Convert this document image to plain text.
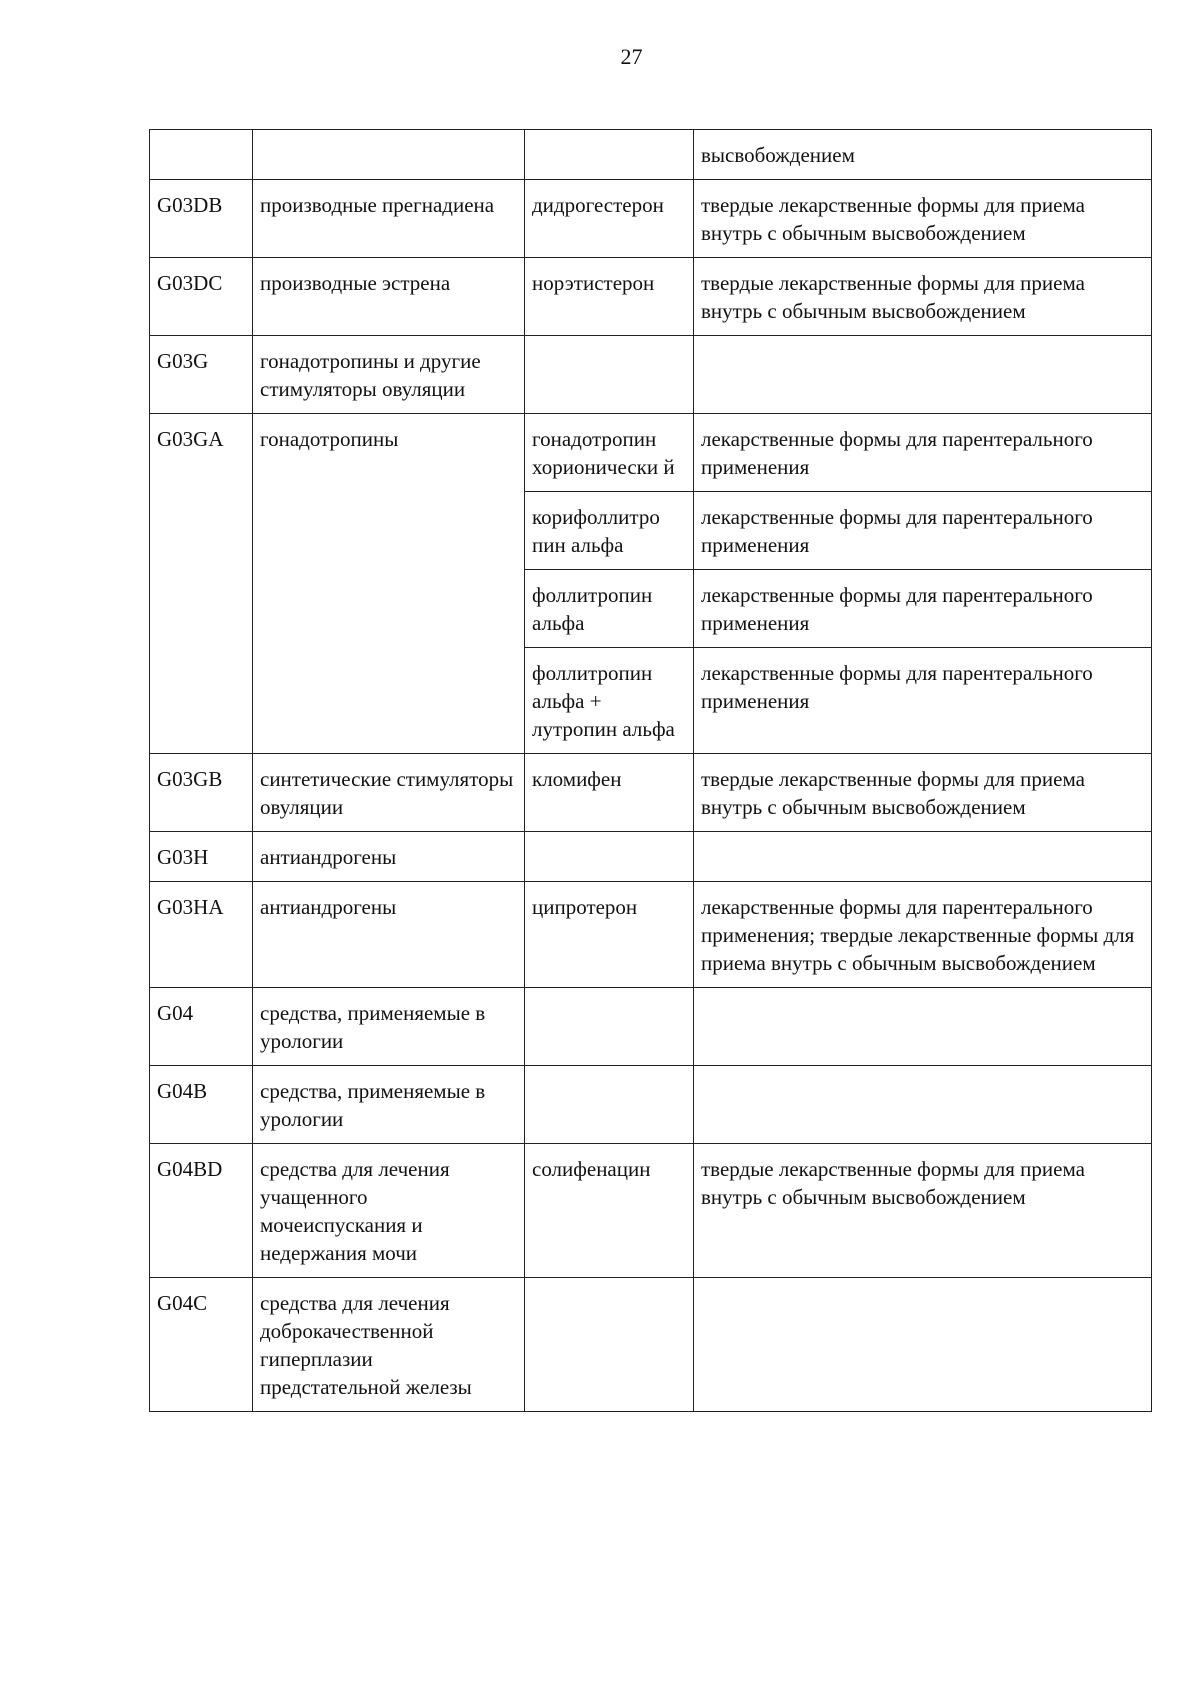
27
			высвобождением
G03DB	производные прегнадиена	дидрогестерон	твердые лекарственные формы для приема внутрь с обычным высвобождением
G03DC	производные эстрена	норэтистерон	твердые лекарственные формы для приема внутрь с обычным высвобождением
G03G	гонадотропины и другие стимуляторы овуляции		
G03GA	гонадотропины	гонадотропин хорионически й	лекарственные формы для парентерального применения
		корифоллитро пин альфа	лекарственные формы для парентерального применения
		фоллитропин альфа	лекарственные формы для парентерального применения
		фоллитропин альфа + лутропин альфа	лекарственные формы для парентерального применения
G03GB	синтетические стимуляторы овуляции	кломифен	твердые лекарственные формы для приема внутрь с обычным высвобождением
G03H	антиандрогены		
G03HA	антиандрогены	ципротерон	лекарственные формы для парентерального применения; твердые лекарственные формы для приема внутрь с обычным высвобождением
G04	средства, применяемые в урологии		
G04B	средства, применяемые в урологии		
G04BD	средства для лечения учащенного мочеиспускания и недержания мочи	солифенацин	твердые лекарственные формы для приема внутрь с обычным высвобождением
G04C	средства для лечения доброкачественной гиперплазии предстательной железы		
